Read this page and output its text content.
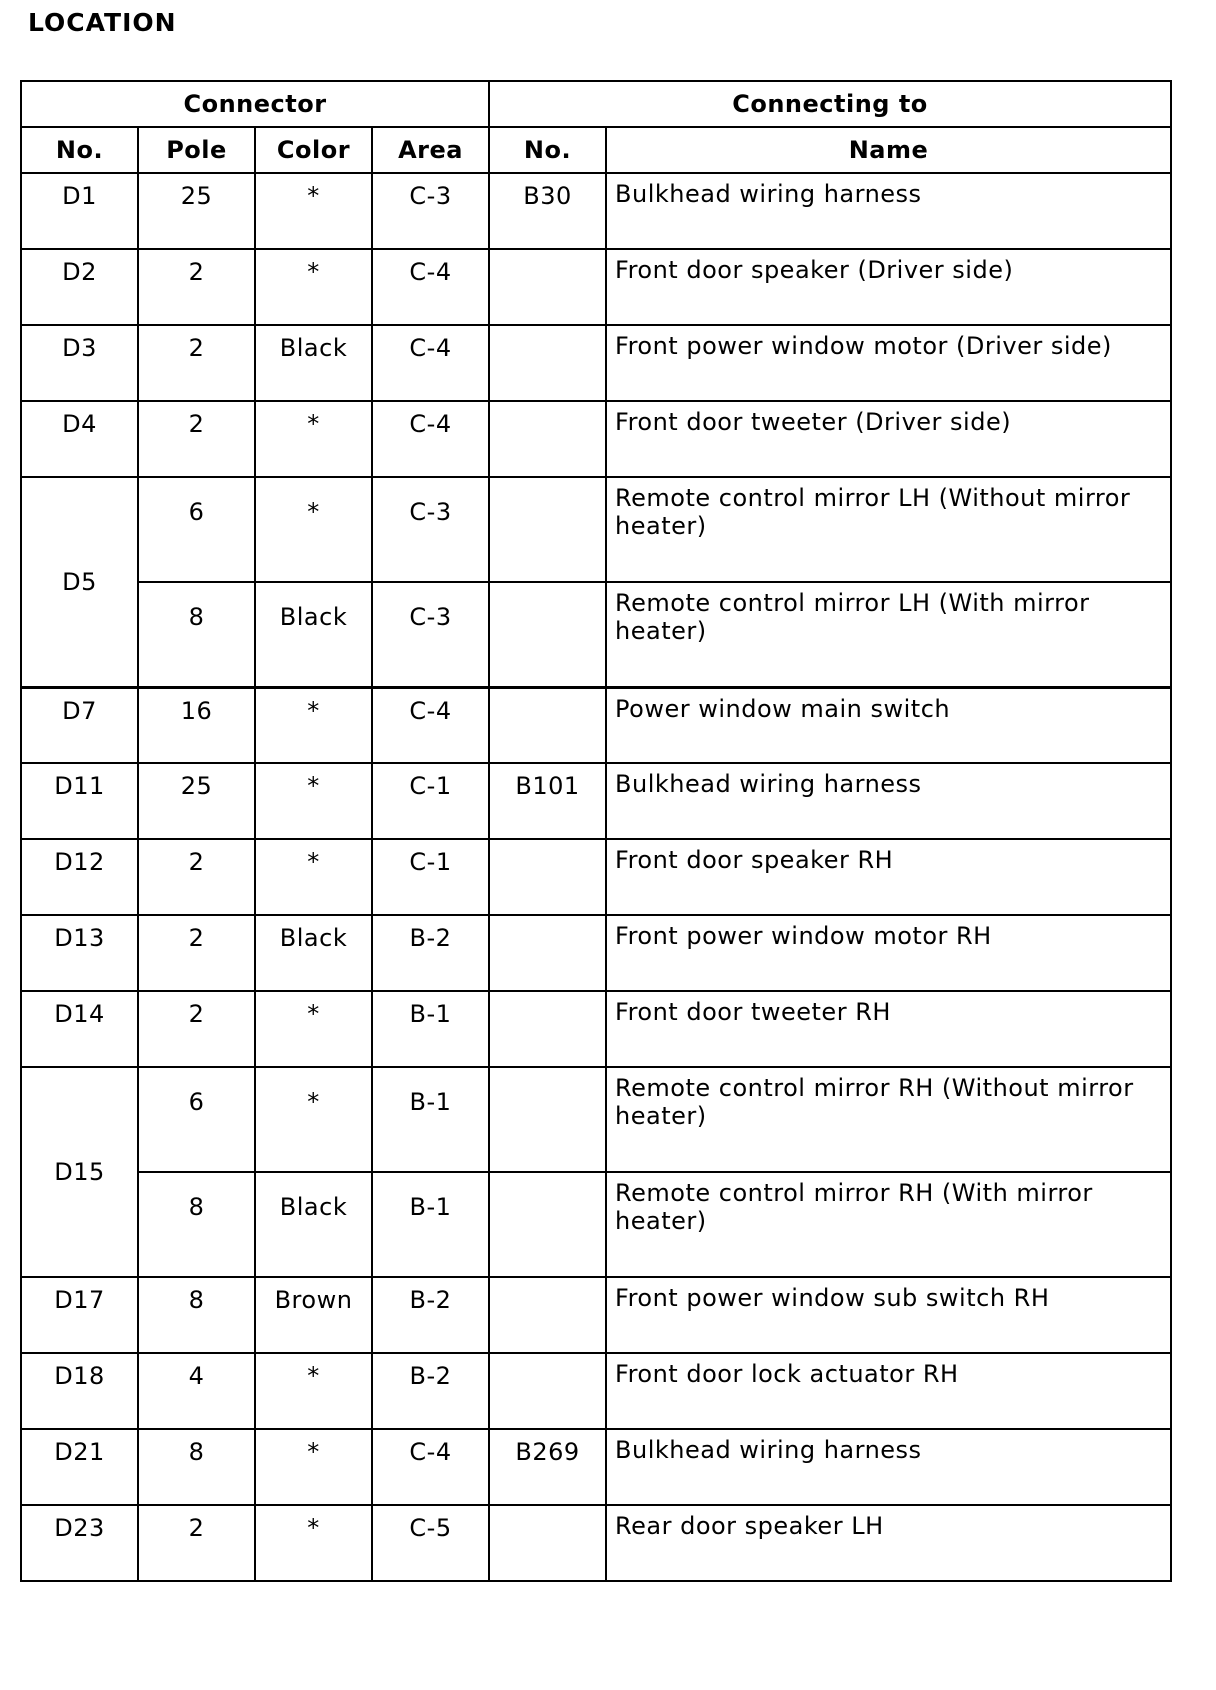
LOCATION
Connector				Connecting to	
No.	Pole	Color	Area	No.	Name
D1	25	*	C-3	B30	Bulkhead wiring harness
D2	2	*	C-4		Front door speaker (Driver side)
D3	2	Black	C-4		Front power window motor (Driver side)
D4	2	*	C-4		Front door tweeter (Driver side)
D5	6	*	C-3		Remote control mirror LH (Without mirror heater)
	8	Black	C-3		Remote control mirror LH (With mirror heater)
D7	16	*	C-4		Power window main switch
D11	25	*	C-1	B101	Bulkhead wiring harness
D12	2	*	C-1		Front door speaker RH
D13	2	Black	B-2		Front power window motor RH
D14	2	*	B-1		Front door tweeter RH
D15	6	*	B-1		Remote control mirror RH (Without mirror heater)
	8	Black	B-1		Remote control mirror RH (With mirror heater)
D17	8	Brown	B-2		Front power window sub switch RH
D18	4	*	B-2		Front door lock actuator RH
D21	8	*	C-4	B269	Bulkhead wiring harness
D23	2	*	C-5		Rear door speaker LH
